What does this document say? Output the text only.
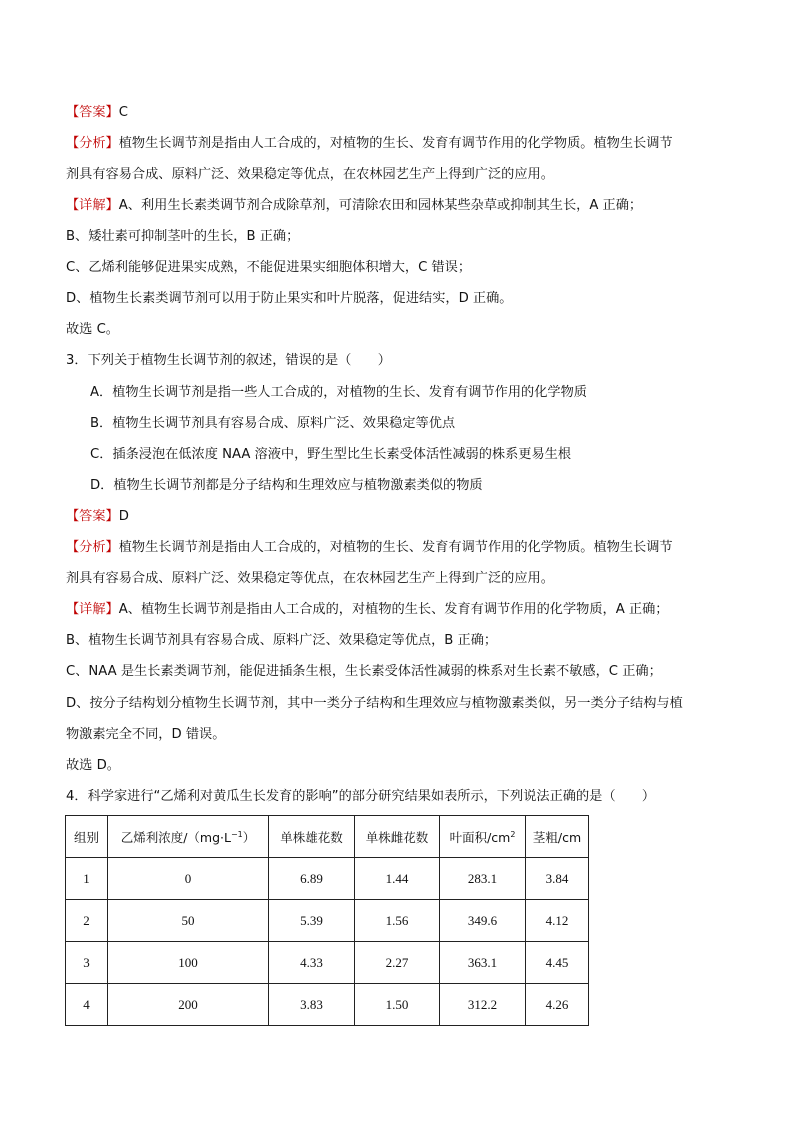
【答案】C
【分析】植物生长调节剂是指由人工合成的，对植物的生长、发育有调节作用的化学物质。植物生长调节
剂具有容易合成、原料广泛、效果稳定等优点，在农林园艺生产上得到广泛的应用。
【详解】A、利用生长素类调节剂合成除草剂，可清除农田和园林某些杂草或抑制其生长，A 正确；
B、矮壮素可抑制茎叶的生长，B 正确；
C、乙烯利能够促进果实成熟，不能促进果实细胞体积增大，C 错误；
D、植物生长素类调节剂可以用于防止果实和叶片脱落，促进结实，D 正确。
故选 C。
3．下列关于植物生长调节剂的叙述，错误的是（　　）
A．植物生长调节剂是指一些人工合成的，对植物的生长、发育有调节作用的化学物质
B．植物生长调节剂具有容易合成、原料广泛、效果稳定等优点
C．插条浸泡在低浓度 NAA 溶液中，野生型比生长素受体活性减弱的株系更易生根
D．植物生长调节剂都是分子结构和生理效应与植物激素类似的物质
【答案】D
【分析】植物生长调节剂是指由人工合成的，对植物的生长、发育有调节作用的化学物质。植物生长调节
剂具有容易合成、原料广泛、效果稳定等优点，在农林园艺生产上得到广泛的应用。
【详解】A、植物生长调节剂是指由人工合成的，对植物的生长、发育有调节作用的化学物质，A 正确；
B、植物生长调节剂具有容易合成、原料广泛、效果稳定等优点，B 正确；
C、NAA 是生长素类调节剂，能促进插条生根，生长素受体活性减弱的株系对生长素不敏感，C 正确；
D、按分子结构划分植物生长调节剂，其中一类分子结构和生理效应与植物激素类似，另一类分子结构与植
物激素完全不同，D 错误。
故选 D。
4．科学家进行“乙烯利对黄瓜生长发育的影响”的部分研究结果如表所示，下列说法正确的是（　　）
组别	乙烯利浓度$/(mg\cdot L^{-1})$	单株雄花数	单株雌花数	叶面积$/cm^2$	茎粗/cm
1	0	6.89	1.44	283.1	3.84
2	50	5.39	1.56	349.6	4.12
3	100	4.33	2.27	363.1	4.45
4	200	3.83	1.50	312.2	4.26
